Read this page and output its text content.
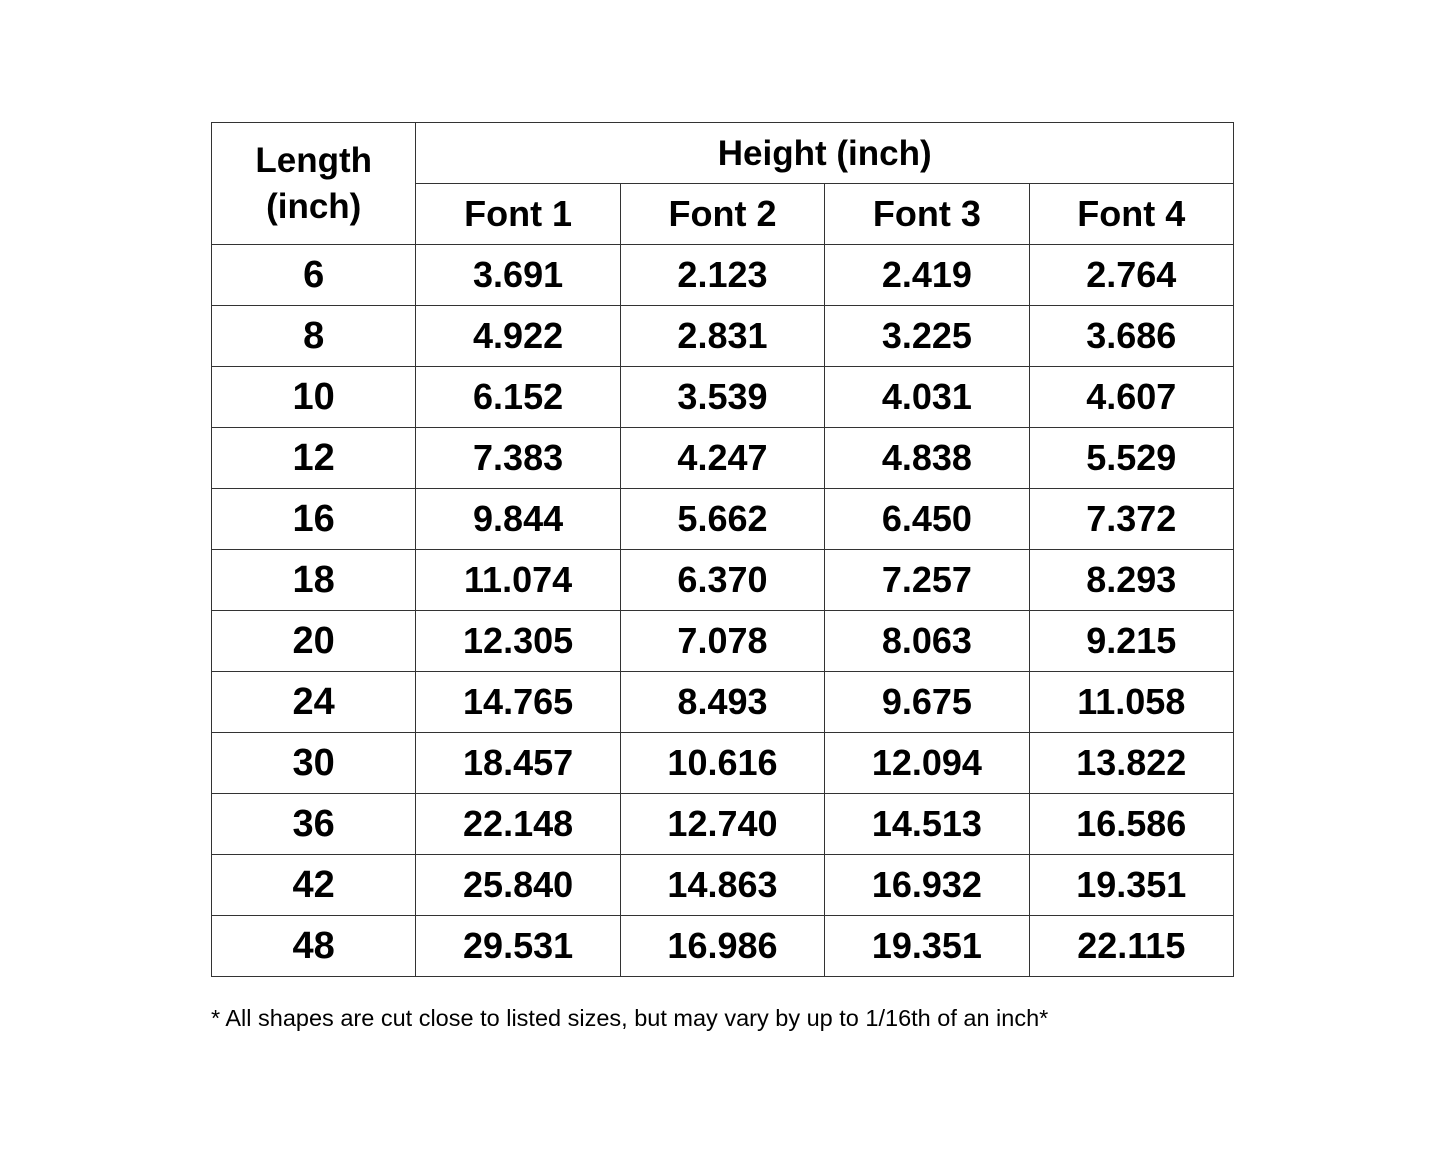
Length
(inch)	Height (inch)			
	Font 1	Font 2	Font 3	Font 4
6	3.691	2.123	2.419	2.764
8	4.922	2.831	3.225	3.686
10	6.152	3.539	4.031	4.607
12	7.383	4.247	4.838	5.529
16	9.844	5.662	6.450	7.372
18	11.074	6.370	7.257	8.293
20	12.305	7.078	8.063	9.215
24	14.765	8.493	9.675	11.058
30	18.457	10.616	12.094	13.822
36	22.148	12.740	14.513	16.586
42	25.840	14.863	16.932	19.351
48	29.531	16.986	19.351	22.115
* All shapes are cut close to listed sizes, but may vary by up to 1/16th of an inch*
